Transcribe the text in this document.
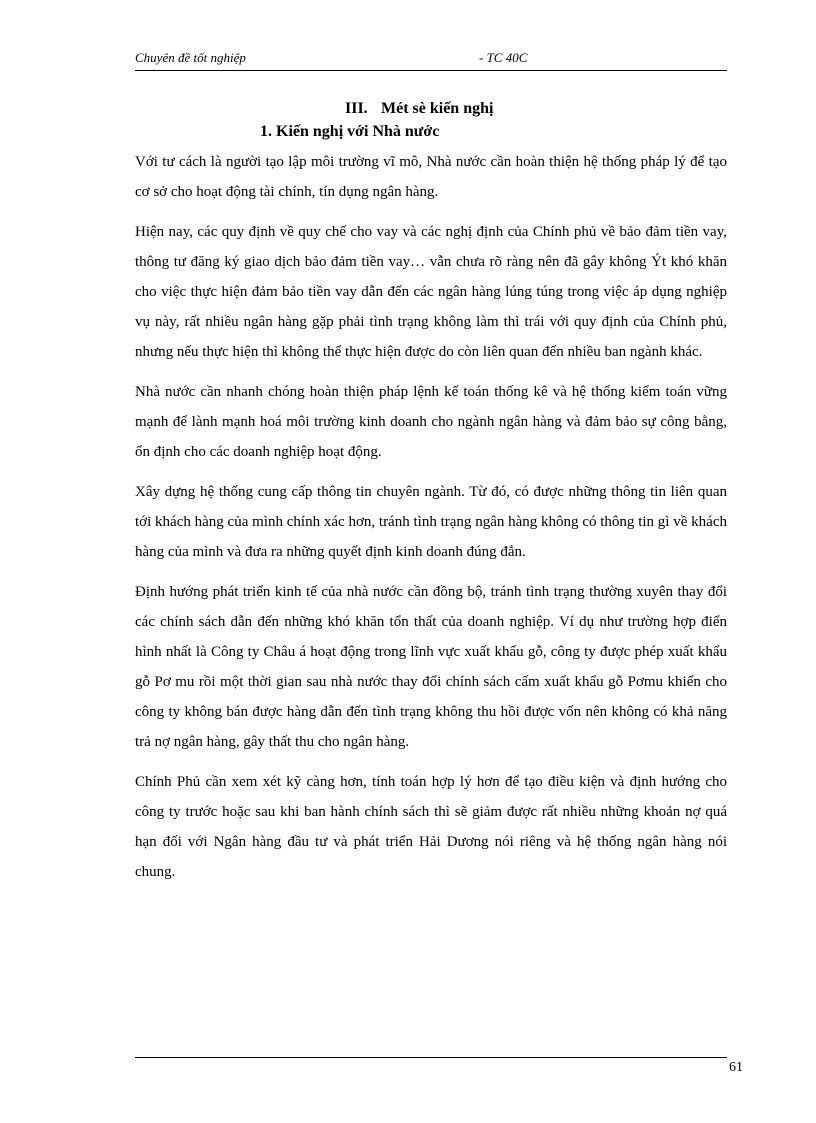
Chuyên đề tốt nghiệp	- TC 40C
III. Mét sè kiến nghị
1. Kiến nghị với Nhà nước

Với tư cách là người tạo lập môi trường vĩ mô, Nhà nước cần hoàn thiện hệ thống pháp lý để tạo cơ sở cho hoạt động tài chính, tín dụng ngân hàng.

Hiện nay, các quy định về quy chế cho vay và các nghị định của Chính phủ về bảo đảm tiền vay, thông tư đăng ký giao dịch bảo đảm tiền vay… vẫn chưa rõ ràng nên đã gây không Ýt khó khăn cho việc thực hiện đảm bảo tiền vay dẫn đến các ngân hàng lúng túng trong việc áp dụng nghiệp vụ này, rất nhiều ngân hàng gặp phải tình trạng không làm thì trái với quy định của Chính phủ, nhưng nếu thực hiện thì không thể thực hiện được do còn liên quan đến nhiều ban ngành khác.

Nhà nước cần nhanh chóng hoàn thiện pháp lệnh kế toán thống kê và hệ thống kiểm toán vững mạnh để lành mạnh hoá môi trường kinh doanh cho ngành ngân hàng và đảm bảo sự công bằng, ổn định cho các doanh nghiệp hoạt động.

Xây dựng hệ thống cung cấp thông tin chuyên ngành. Từ đó, có được những thông tin liên quan tới khách hàng của mình chính xác hơn, tránh tình trạng ngân hàng không có thông tin gì về khách hàng của mình và đưa ra những quyết định kinh doanh đúng đắn.

Định hướng phát triển kinh tế của nhà nước cần đồng bộ, tránh tình trạng thường xuyên thay đổi các chính sách dẫn đến những khó khăn tổn thất của doanh nghiệp. Ví dụ như trường hợp điển hình nhất là Công ty Châu á hoạt động trong lĩnh vực xuất khẩu gỗ, công ty được phép xuất khẩu gỗ Pơ mu rồi một thời gian sau nhà nước thay đổi chính sách cấm xuất khẩu gỗ Pơmu khiến cho công ty không bán được hàng dẫn đến tình trạng không thu hồi được vốn nên không có khả năng trả nợ ngân hàng, gây thất thu cho ngân hàng.

Chính Phủ cần xem xét kỹ càng hơn, tính toán hợp lý hơn để tạo điều kiện và định hướng cho công ty trước hoặc sau khi ban hành chính sách thì sẽ giảm được rất nhiều những khoản nợ quá hạn đối với Ngân hàng đầu tư và phát triển Hải Dương nói riêng và hệ thống ngân hàng nói chung.

61
